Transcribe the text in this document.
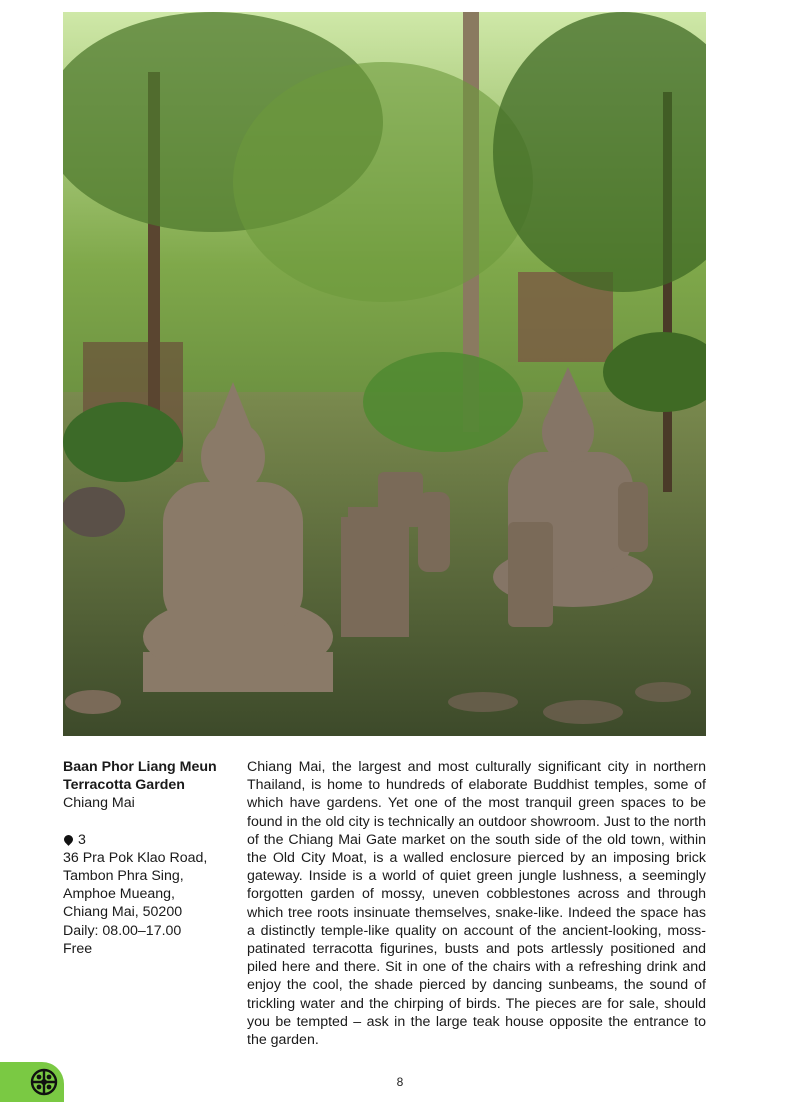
Baan Phor Liang Meun
Terracotta Garden
Chiang Mai
3
36 Pra Pok Klao Road,
Tambon Phra Sing,
Amphoe Mueang,
Chiang Mai, 50200
Daily: 08.00–17.00
Free
Chiang Mai, the largest and most culturally significant city in northern Thailand, is home to hundreds of elaborate Buddhist temples, some of which have gardens. Yet one of the most tranquil green spaces to be found in the old city is technically an outdoor showroom. Just to the north of the Chiang Mai Gate market on the south side of the old town, within the Old City Moat, is a walled enclosure pierced by an imposing brick gateway. Inside is a world of quiet green jungle lushness, a seemingly forgotten garden of mossy, uneven cobblestones across and through which tree roots insinuate themselves, snake-like. Indeed the space has a distinctly temple-like quality on account of the ancient-looking, moss-patinated terracotta figurines, busts and pots artlessly positioned and piled here and there. Sit in one of the chairs with a refreshing drink and enjoy the cool, the shade pierced by dancing sunbeams, the sound of trickling water and the chirping of birds. The pieces are for sale, should you be tempted – ask in the large teak house opposite the entrance to the garden.
8
